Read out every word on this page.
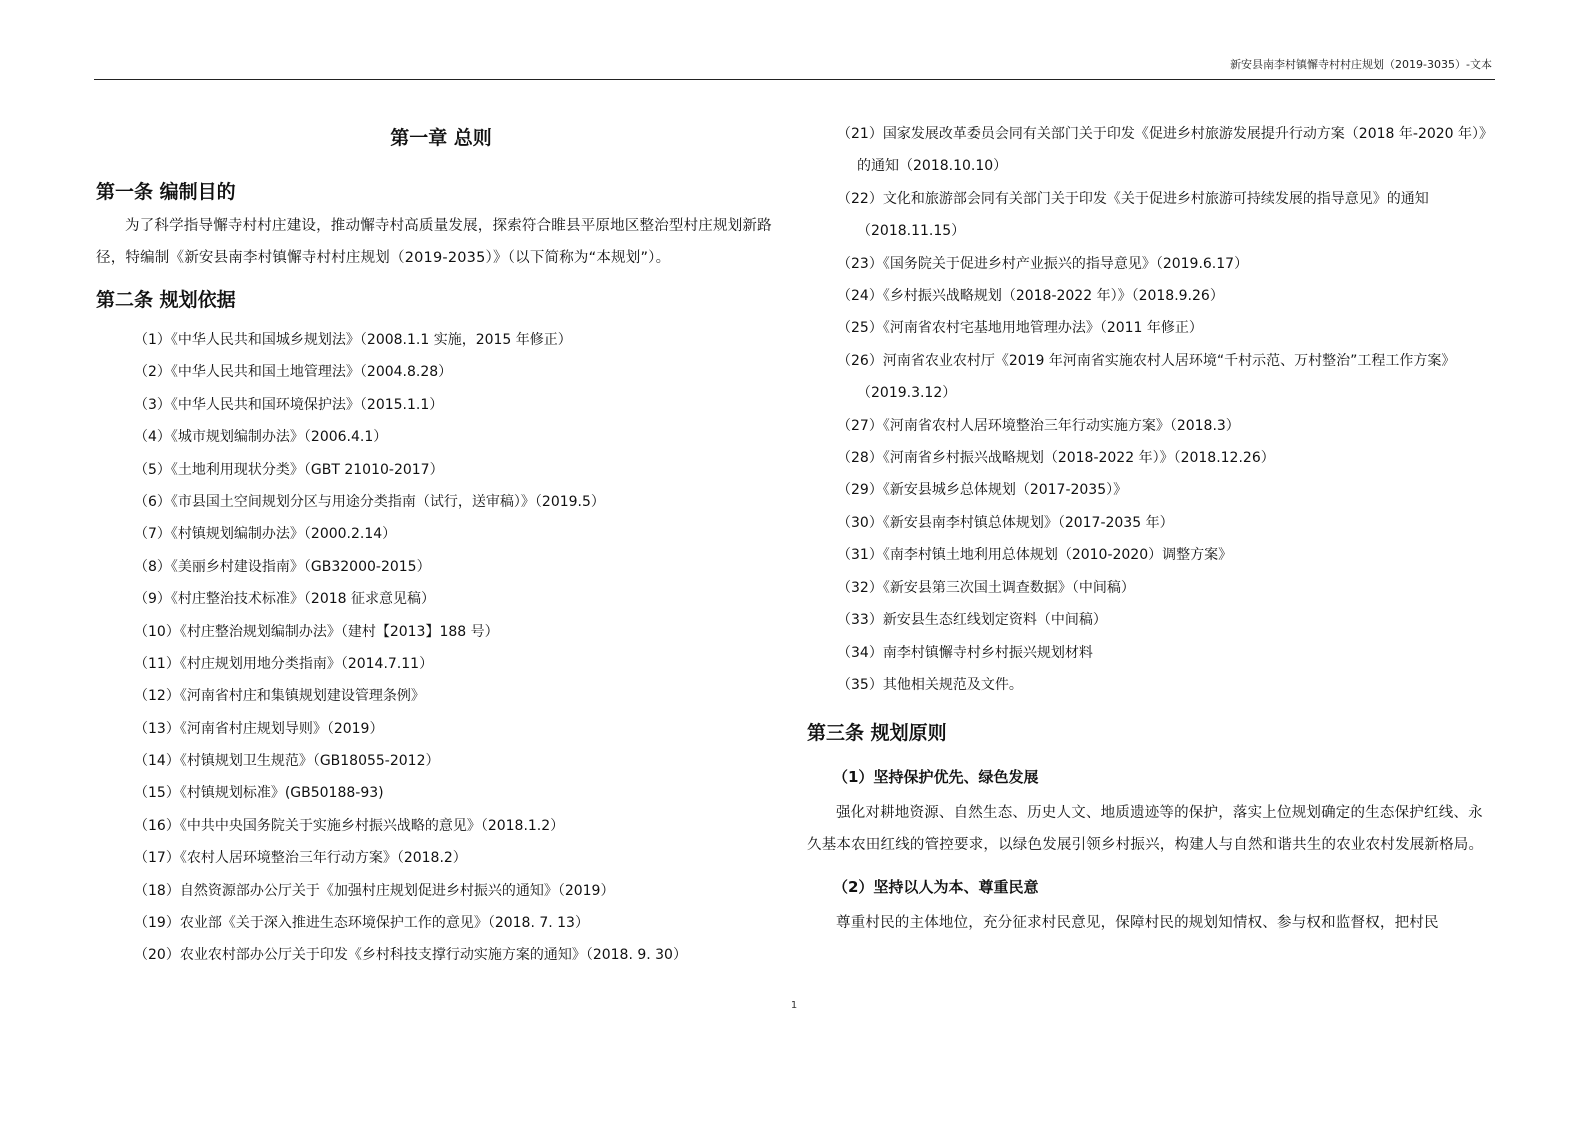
新安县南李村镇懈寺村村庄规划（2019-3035）-文本
第一章 总则
第一条 编制目的

为了科学指导懈寺村村庄建设，推动懈寺村高质量发展，探索符合睢县平原地区整治型村庄规划新路径，特编制《新安县南李村镇懈寺村村庄规划（2019-2035）》（以下简称为“本规划”）。

第二条 规划依据
（1）《中华人民共和国城乡规划法》（2008.1.1 实施，2015 年修正）
（2）《中华人民共和国土地管理法》（2004.8.28）
（3）《中华人民共和国环境保护法》（2015.1.1）
（4）《城市规划编制办法》（2006.4.1）
（5）《土地利用现状分类》（GBT 21010-2017）
（6）《市县国土空间规划分区与用途分类指南（试行，送审稿）》（2019.5）
（7）《村镇规划编制办法》（2000.2.14）
（8）《美丽乡村建设指南》（GB32000-2015）
（9）《村庄整治技术标准》（2018 征求意见稿）
（10）《村庄整治规划编制办法》（建村【2013】188 号）
（11）《村庄规划用地分类指南》（2014.7.11）
（12）《河南省村庄和集镇规划建设管理条例》
（13）《河南省村庄规划导则》（2019）
（14）《村镇规划卫生规范》（GB18055-2012）
（15）《村镇规划标准》(GB50188-93)
（16）《中共中央国务院关于实施乡村振兴战略的意见》（2018.1.2）
（17）《农村人居环境整治三年行动方案》（2018.2）
（18）自然资源部办公厅关于《加强村庄规划促进乡村振兴的通知》（2019）
（19）农业部《关于深入推进生态环境保护工作的意见》（2018. 7. 13）
（20）农业农村部办公厅关于印发《乡村科技支撑行动实施方案的通知》（2018. 9. 30）
（21）国家发展改革委员会同有关部门关于印发《促进乡村旅游发展提升行动方案（2018 年-2020 年）》的通知（2018.10.10）
（22）文化和旅游部会同有关部门关于印发《关于促进乡村旅游可持续发展的指导意见》的通知（2018.11.15）
（23）《国务院关于促进乡村产业振兴的指导意见》（2019.6.17）
（24）《乡村振兴战略规划（2018-2022 年）》（2018.9.26）
（25）《河南省农村宅基地用地管理办法》（2011 年修正）
（26）河南省农业农村厅《2019 年河南省实施农村人居环境“千村示范、万村整治”工程工作方案》（2019.3.12）
（27）《河南省农村人居环境整治三年行动实施方案》（2018.3）
（28）《河南省乡村振兴战略规划（2018-2022 年）》（2018.12.26）
（29）《新安县城乡总体规划（2017-2035）》
（30）《新安县南李村镇总体规划》（2017-2035 年）
（31）《南李村镇土地利用总体规划（2010-2020）调整方案》
（32）《新安县第三次国土调查数据》（中间稿）
（33）新安县生态红线划定资料（中间稿）
（34）南李村镇懈寺村乡村振兴规划材料
（35）其他相关规范及文件。
第三条 规划原则
（1）坚持保护优先、绿色发展

强化对耕地资源、自然生态、历史人文、地质遗迹等的保护，落实上位规划确定的生态保护红线、永久基本农田红线的管控要求，以绿色发展引领乡村振兴，构建人与自然和谐共生的农业农村发展新格局。

（2）坚持以人为本、尊重民意

尊重村民的主体地位，充分征求村民意见，保障村民的规划知情权、参与权和监督权，把村民

1
